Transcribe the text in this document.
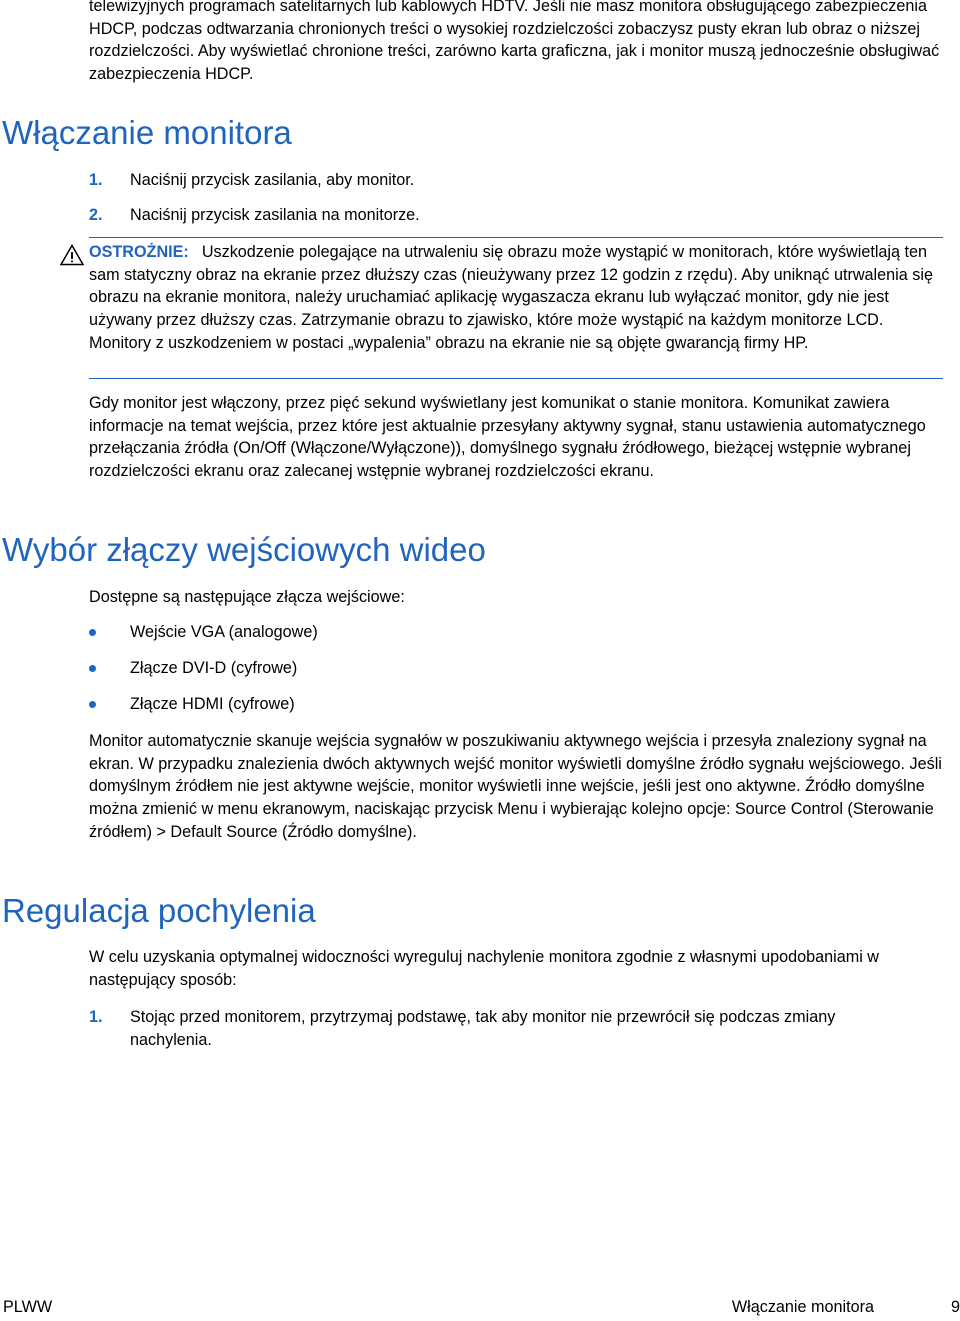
telewizyjnych programach satelitarnych lub kablowych HDTV. Jeśli nie masz monitora obsługującego zabezpieczenia HDCP, podczas odtwarzania chronionych treści o wysokiej rozdzielczości zobaczysz pusty ekran lub obraz o niższej rozdzielczości. Aby wyświetlać chronione treści, zarówno karta graficzna, jak i monitor muszą jednocześnie obsługiwać zabezpieczenia HDCP.

Włączanie monitora
1. Naciśnij przycisk zasilania, aby monitor.
2. Naciśnij przycisk zasilania na monitorze.
OSTROŻNIE: Uszkodzenie polegające na utrwaleniu się obrazu może wystąpić w monitorach, które wyświetlają ten sam statyczny obraz na ekranie przez dłuższy czas (nieużywany przez 12 godzin z rzędu). Aby uniknąć utrwalenia się obrazu na ekranie monitora, należy uruchamiać aplikację wygaszacza ekranu lub wyłączać monitor, gdy nie jest używany przez dłuższy czas. Zatrzymanie obrazu to zjawisko, które może wystąpić na każdym monitorze LCD. Monitory z uszkodzeniem w postaci „wypalenia” obrazu na ekranie nie są objęte gwarancją firmy HP.

Gdy monitor jest włączony, przez pięć sekund wyświetlany jest komunikat o stanie monitora. Komunikat zawiera informacje na temat wejścia, przez które jest aktualnie przesyłany aktywny sygnał, stanu ustawienia automatycznego przełączania źródła (On/Off (Włączone/Wyłączone)), domyślnego sygnału źródłowego, bieżącej wstępnie wybranej rozdzielczości ekranu oraz zalecanej wstępnie wybranej rozdzielczości ekranu.

Wybór złączy wejściowych wideo

Dostępne są następujące złącza wejściowe:

Wejście VGA (analogowe)
Złącze DVI-D (cyfrowe)
Złącze HDMI (cyfrowe)

Monitor automatycznie skanuje wejścia sygnałów w poszukiwaniu aktywnego wejścia i przesyła znaleziony sygnał na ekran. W przypadku znalezienia dwóch aktywnych wejść monitor wyświetli domyślne źródło sygnału wejściowego. Jeśli domyślnym źródłem nie jest aktywne wejście, monitor wyświetli inne wejście, jeśli jest ono aktywne. Źródło domyślne można zmienić w menu ekranowym, naciskając przycisk Menu i wybierając kolejno opcje: Source Control (Sterowanie źródłem) > Default Source (Źródło domyślne).

Regulacja pochylenia

W celu uzyskania optymalnej widoczności wyreguluj nachylenie monitora zgodnie z własnymi upodobaniami w następujący sposób:

1. Stojąc przed monitorem, przytrzymaj podstawę, tak aby monitor nie przewrócił się podczas zmiany nachylenia.
PLWW	Włączanie monitora	9
